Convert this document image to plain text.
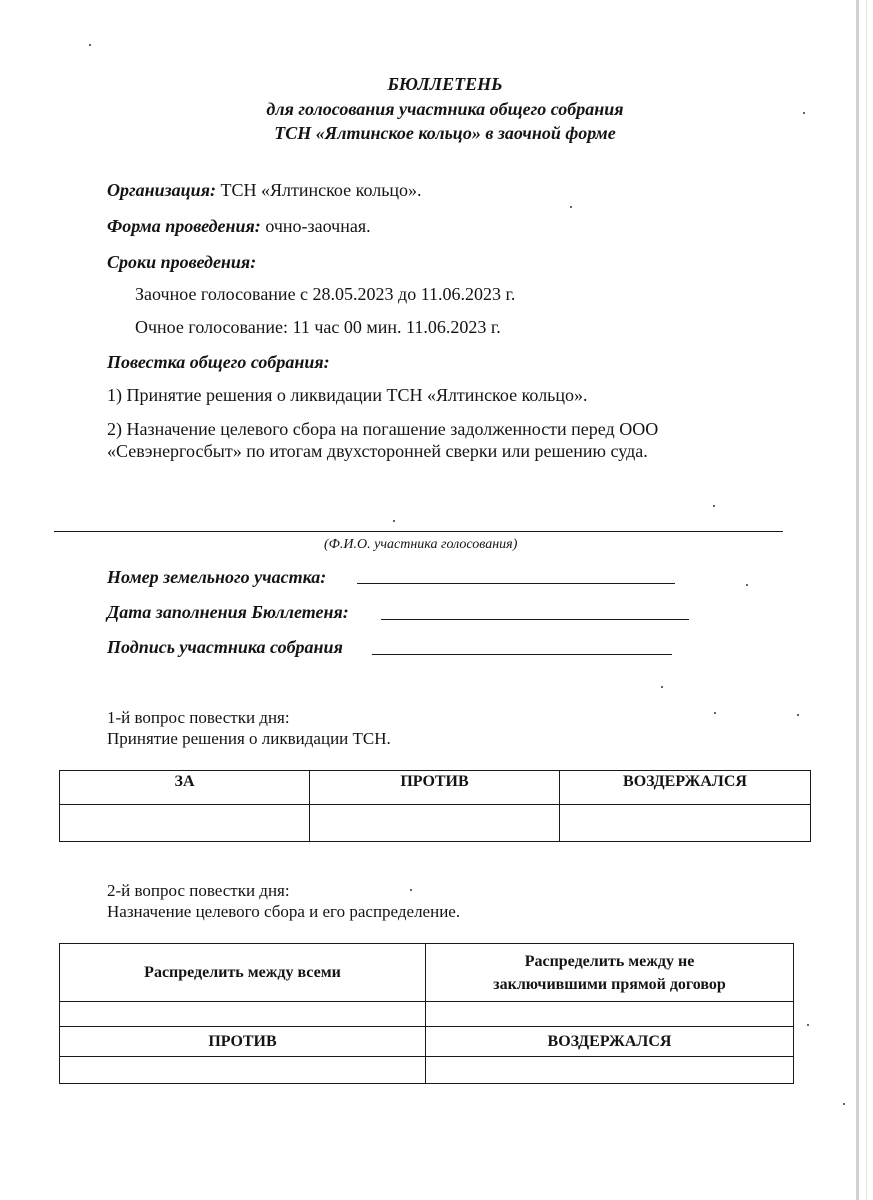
БЮЛЛЕТЕНЬ
для голосования участника общего собрания
ТСН «Ялтинское кольцо» в заочной форме
Организация: ТСН «Ялтинское кольцо».
Форма проведения: очно-заочная.
Сроки проведения:
Заочное голосование с 28.05.2023 до 11.06.2023 г.
Очное голосование: 11 час 00 мин. 11.06.2023 г.
Повестка общего собрания:
1) Принятие решения о ликвидации ТСН «Ялтинское кольцо».
2) Назначение целевого сбора на погашение задолженности перед ООО
«Севэнергосбыт» по итогам двухсторонней сверки или решению суда.
(Ф.И.О. участника голосования)
Номер земельного участка:
Дата заполнения Бюллетеня:
Подпись участника собрания
1-й вопрос повестки дня:
Принятие решения о ликвидации ТСН.
ЗА	ПРОТИВ	ВОЗДЕРЖАЛСЯ

2-й вопрос повестки дня:
Назначение целевого сбора и его распределение.
Распределить между всеми	Распределить между не
заключившими прямой договор

ПРОТИВ	ВОЗДЕРЖАЛСЯ
